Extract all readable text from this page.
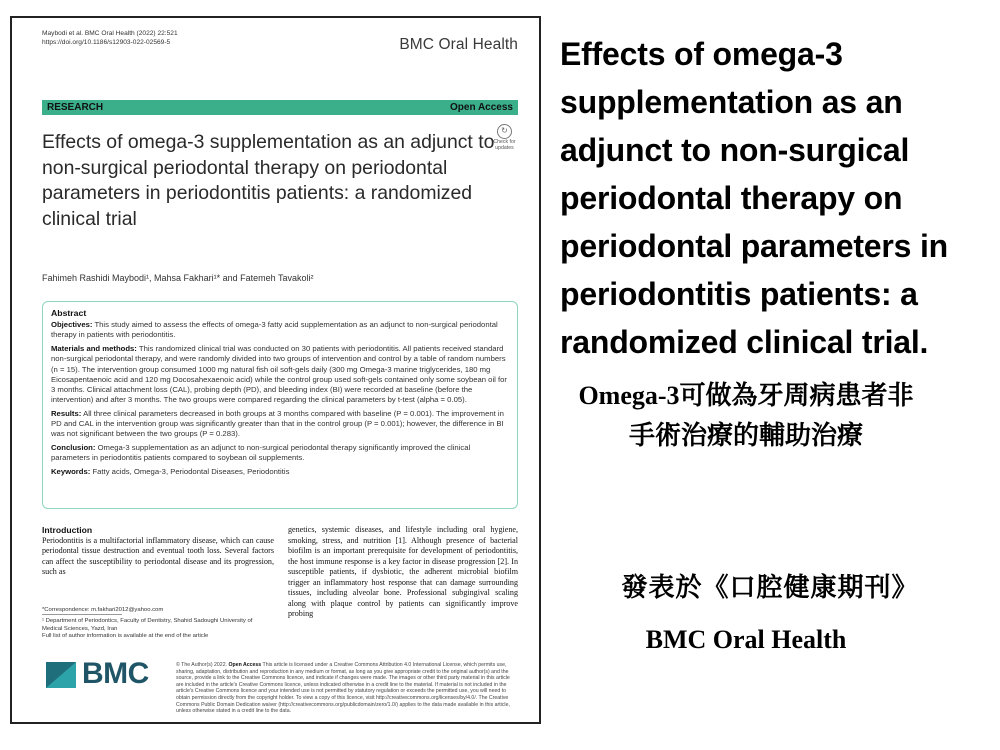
Maybodi et al. BMC Oral Health (2022) 22:521
https://doi.org/10.1186/s12903-022-02569-5	BMC Oral Health
RESEARCH	Open Access
↻
Check for updates
Effects of omega-3 supplementation as an adjunct to non-surgical periodontal therapy on periodontal parameters in periodontitis patients: a randomized clinical trial
Fahimeh Rashidi Maybodi¹, Mahsa Fakhari¹* and Fatemeh Tavakoli²
Abstract

Objectives: This study aimed to assess the effects of omega-3 fatty acid supplementation as an adjunct to non-surgical periodontal therapy in patients with periodontitis.

Materials and methods: This randomized clinical trial was conducted on 30 patients with periodontitis. All patients received standard non-surgical periodontal therapy, and were randomly divided into two groups of intervention and control by a table of random numbers (n = 15). The intervention group consumed 1000 mg natural fish oil soft-gels daily (300 mg Omega-3 marine triglycerides, 180 mg Eicosapentaenoic acid and 120 mg Docosahexaenoic acid) while the control group used soft-gels contained only some soybean oil for 3 months. Clinical attachment loss (CAL), probing depth (PD), and bleeding index (BI) were recorded at baseline (before the intervention) and after 3 months. The two groups were compared regarding the clinical parameters by t-test (alpha = 0.05).

Results: All three clinical parameters decreased in both groups at 3 months compared with baseline (P = 0.001). The improvement in PD and CAL in the intervention group was significantly greater than that in the control group (P = 0.001); however, the difference in BI was not significant between the two groups (P = 0.283).

Conclusion: Omega-3 supplementation as an adjunct to non-surgical periodontal therapy significantly improved the clinical parameters in periodontitis patients compared to soybean oil supplements.

Keywords: Fatty acids, Omega-3, Periodontal Diseases, Periodontitis

Introduction
Periodontitis is a multifactorial inflammatory disease, which can cause periodontal tissue destruction and eventual tooth loss. Several factors can affect the susceptibility to periodontal disease and its progression, such as
genetics, systemic diseases, and lifestyle including oral hygiene, smoking, stress, and nutrition [1]. Although presence of bacterial biofilm is an important prerequisite for development of periodontitis, the host immune response is a key factor in disease progression [2]. In susceptible patients, if dysbiotic, the adherent microbial biofilm trigger an inflammatory host response that can damage surrounding tissues, including alveolar bone. Professional subgingival scaling along with plaque control by patients can significantly improve probing
*Correspondence: m.fakhari2012@yahoo.com
¹ Department of Periodontics, Faculty of Dentistry, Shahid Sadoughi University of Medical Sciences, Yazd, Iran
Full list of author information is available at the end of the article
BMC	© The Author(s) 2022. Open Access This article is licensed under a Creative Commons Attribution 4.0 International License, which permits use, sharing, adaptation, distribution and reproduction in any medium or format, as long as you give appropriate credit to the original author(s) and the source, provide a link to the Creative Commons licence, and indicate if changes were made. The images or other third party material in this article are included in the article's Creative Commons licence, unless indicated otherwise in a credit line to the material. If material is not included in the article's Creative Commons licence and your intended use is not permitted by statutory regulation or exceeds the permitted use, you will need to obtain permission directly from the copyright holder. To view a copy of this licence, visit http://creativecommons.org/licenses/by/4.0/. The Creative Commons Public Domain Dedication waiver (http://creativecommons.org/publicdomain/zero/1.0/) applies to the data made available in this article, unless otherwise stated in a credit line to the data.
Effects of omega-3 supplementation as an adjunct to non-surgical periodontal therapy on periodontal parameters in periodontitis patients: a randomized clinical trial.
Omega-3可做為牙周病患者非手術治療的輔助治療
發表於《口腔健康期刊》
BMC Oral Health
